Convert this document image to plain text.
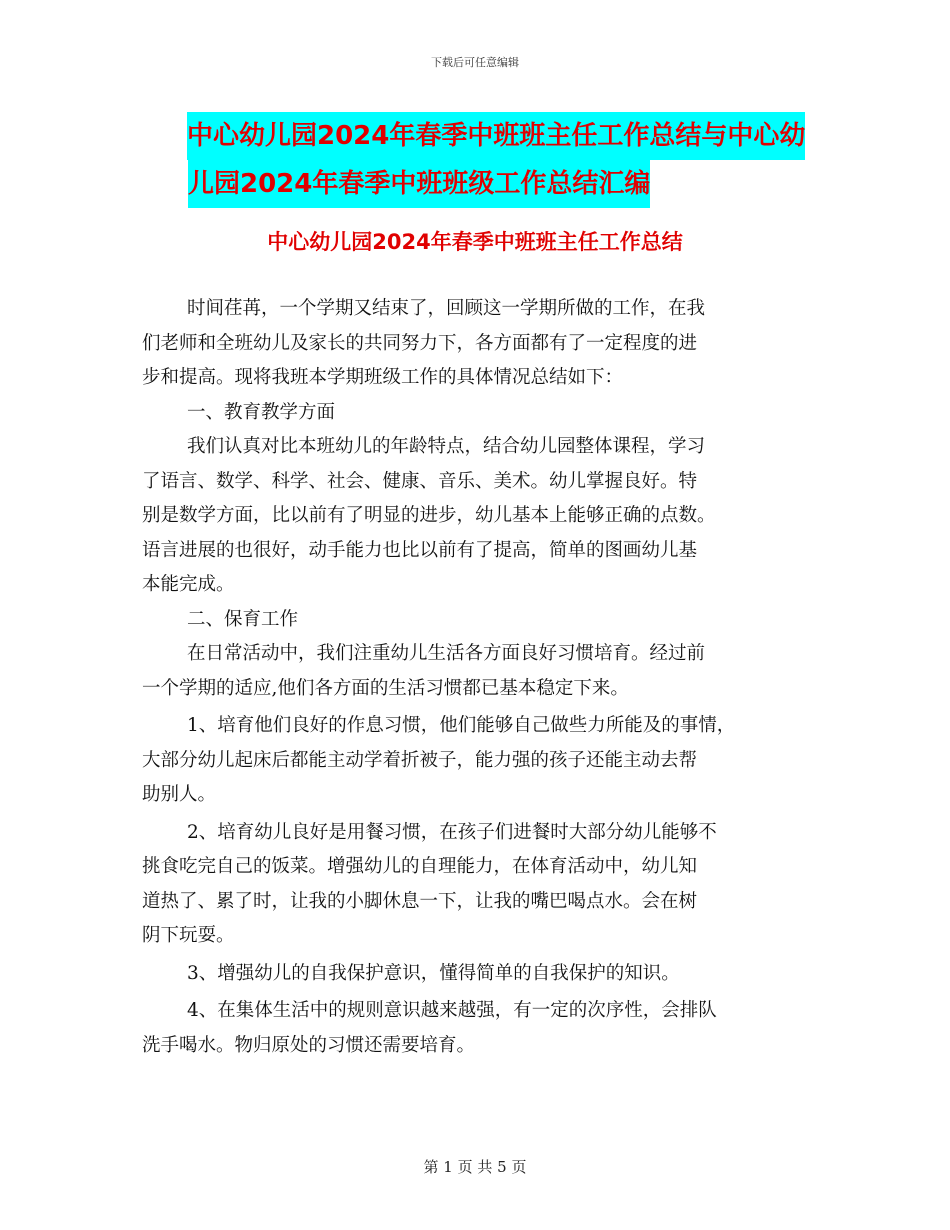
下载后可任意编辑
中心幼儿园2024年春季中班班主任工作总结与中心幼
儿园2024年春季中班班级工作总结汇编
中心幼儿园2024年春季中班班主任工作总结
时间荏苒，一个学期又结束了，回顾这一学期所做的工作，在我
们老师和全班幼儿及家长的共同努力下，各方面都有了一定程度的进
步和提高。现将我班本学期班级工作的具体情况总结如下：
一、教育教学方面
我们认真对比本班幼儿的年龄特点，结合幼儿园整体课程，学习
了语言、数学、科学、社会、健康、音乐、美术。幼儿掌握良好。特
别是数学方面，比以前有了明显的进步，幼儿基本上能够正确的点数。
语言进展的也很好，动手能力也比以前有了提高，简单的图画幼儿基
本能完成。
二、保育工作
在日常活动中，我们注重幼儿生活各方面良好习惯培育。经过前
一个学期的适应,他们各方面的生活习惯都已基本稳定下来。
1、培育他们良好的作息习惯，他们能够自己做些力所能及的事情，
大部分幼儿起床后都能主动学着折被子，能力强的孩子还能主动去帮
助别人。
2、培育幼儿良好是用餐习惯，在孩子们进餐时大部分幼儿能够不
挑食吃完自己的饭菜。增强幼儿的自理能力，在体育活动中，幼儿知
道热了、累了时，让我的小脚休息一下，让我的嘴巴喝点水。会在树
阴下玩耍。
3、增强幼儿的自我保护意识，懂得简单的自我保护的知识。
4、在集体生活中的规则意识越来越强，有一定的次序性，会排队
洗手喝水。物归原处的习惯还需要培育。
第 1 页 共 5 页
